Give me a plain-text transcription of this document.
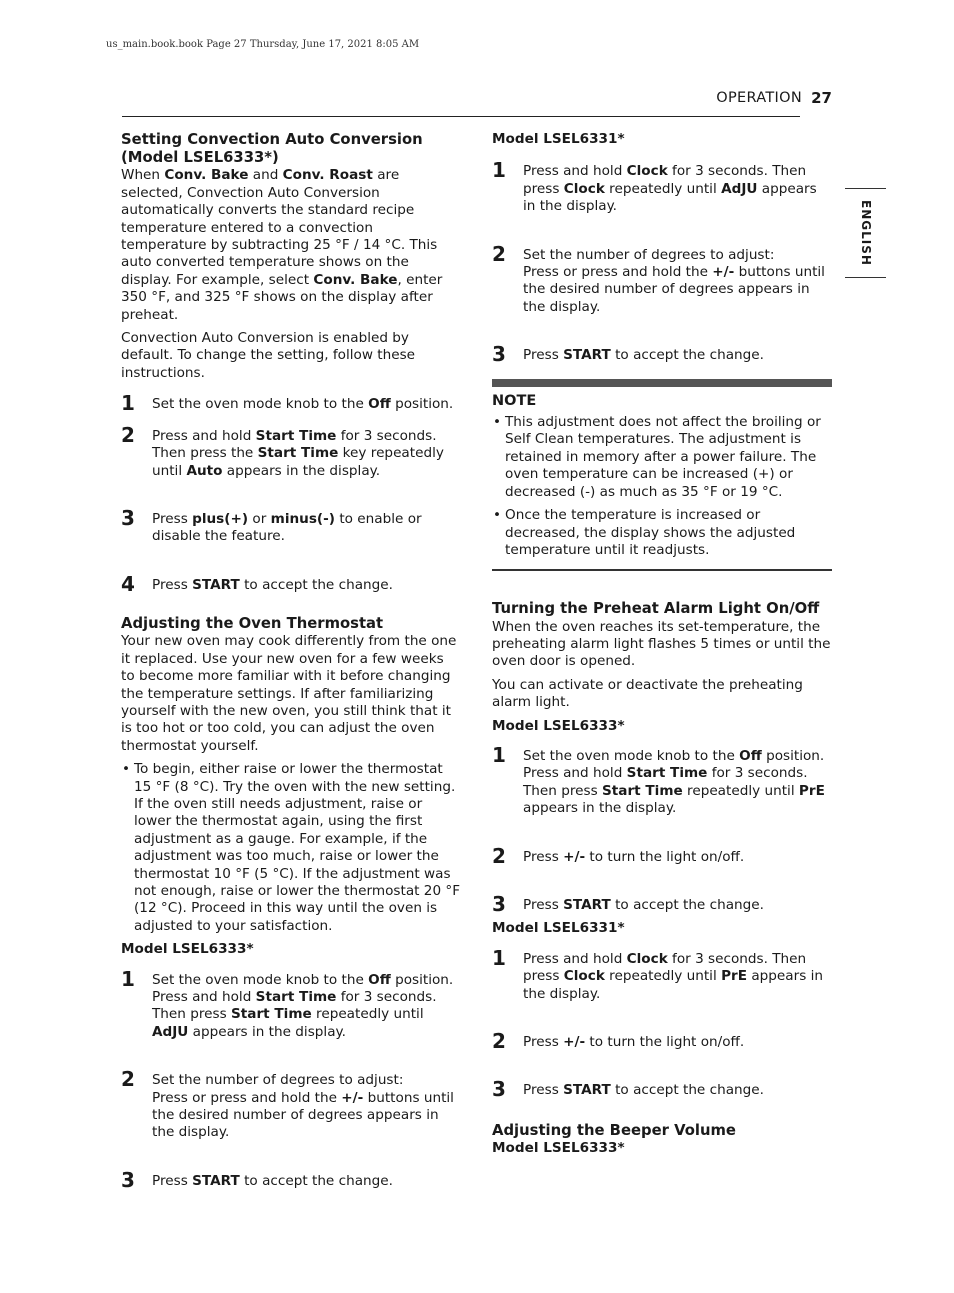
us_main.book.book Page 27 Thursday, June 17, 2021 8:05 AM
OPERATION 27
ENGLISH
Setting Convection Auto Conversion
(Model LSEL6333*)

When Conv. Bake and Conv. Roast are selected, Convection Auto Conversion automatically converts the standard recipe temperature entered to a convection temperature by subtracting 25 °F / 14 °C. This auto converted temperature shows on the display. For example, select Conv. Bake, enter 350 °F, and 325 °F shows on the display after preheat.

Convection Auto Conversion is enabled by default. To change the setting, follow these instructions.

1 Set the oven mode knob to the Off position.
2 Press and hold Start Time for 3 seconds. Then press the Start Time key repeatedly until Auto appears in the display.
3 Press plus(+) or minus(-) to enable or disable the feature.
4 Press START to accept the change.
Adjusting the Oven Thermostat

Your new oven may cook differently from the one it replaced. Use your new oven for a few weeks to become more familiar with it before changing the temperature settings. If after familiarizing yourself with the new oven, you still think that it is too hot or too cold, you can adjust the oven thermostat yourself.

• To begin, either raise or lower the thermostat 15 °F (8 °C). Try the oven with the new setting. If the oven still needs adjustment, raise or lower the thermostat again, using the first adjustment as a gauge. For example, if the adjustment was too much, raise or lower the thermostat 10 °F (5 °C). If the adjustment was not enough, raise or lower the thermostat 20 °F (12 °C). Proceed in this way until the oven is adjusted to your satisfaction.

Model LSEL6333*

1 Set the oven mode knob to the Off position. Press and hold Start Time for 3 seconds. Then press Start Time repeatedly until AdJU appears in the display.
2 Set the number of degrees to adjust:
Press or press and hold the +/- buttons until the desired number of degrees appears in the display.
3 Press START to accept the change.

Model LSEL6331*

1 Press and hold Clock for 3 seconds. Then press Clock repeatedly until AdJU appears in the display.
2 Set the number of degrees to adjust:
Press or press and hold the +/- buttons until the desired number of degrees appears in the display.
3 Press START to accept the change.
NOTE
• This adjustment does not affect the broiling or Self Clean temperatures. The adjustment is retained in memory after a power failure. The oven temperature can be increased (+) or decreased (-) as much as 35 °F or 19 °C.
• Once the temperature is increased or decreased, the display shows the adjusted temperature until it readjusts.
Turning the Preheat Alarm Light On/Off

When the oven reaches its set-temperature, the preheating alarm light flashes 5 times or until the oven door is opened.

You can activate or deactivate the preheating alarm light.

Model LSEL6333*

1 Set the oven mode knob to the Off position. Press and hold Start Time for 3 seconds. Then press Start Time repeatedly until PrE appears in the display.
2 Press +/- to turn the light on/off.
3 Press START to accept the change.

Model LSEL6331*

1 Press and hold Clock for 3 seconds. Then press Clock repeatedly until PrE appears in the display.
2 Press +/- to turn the light on/off.
3 Press START to accept the change.
Adjusting the Beeper Volume

Model LSEL6333*
